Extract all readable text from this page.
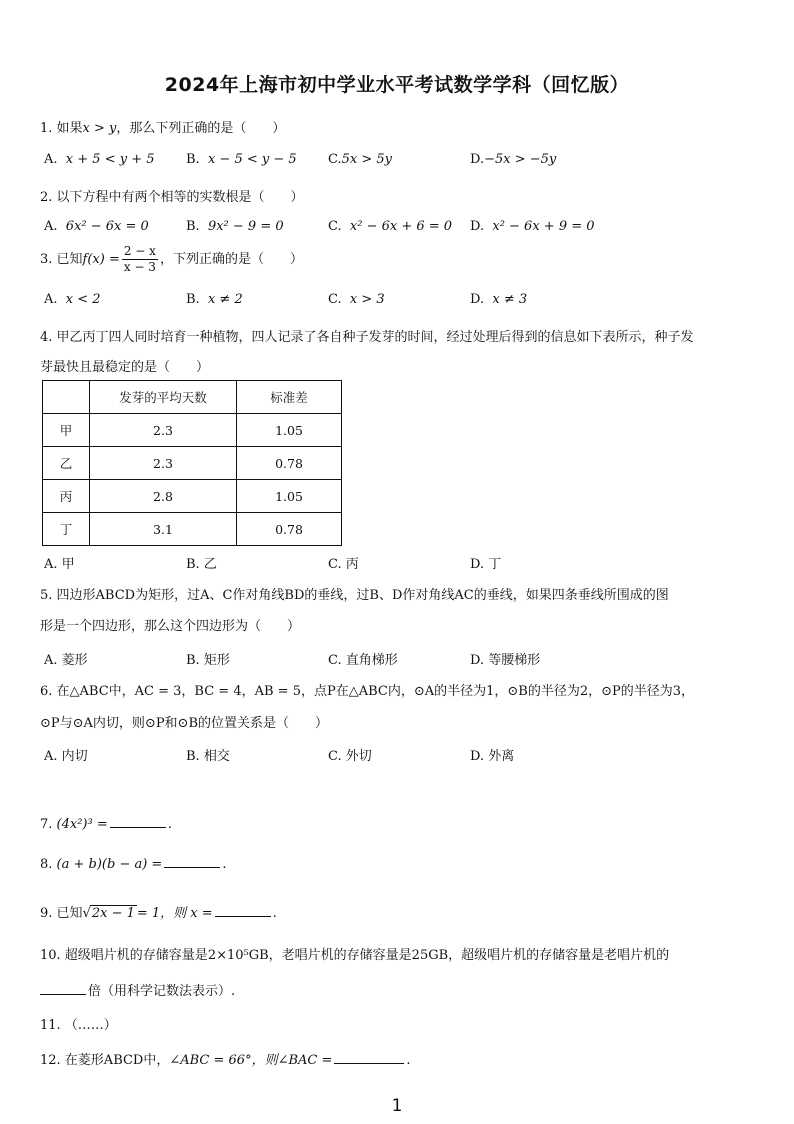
2024年上海市初中学业水平考试数学学科（回忆版）
1. 如果x > y，那么下列正确的是（　　）
A. x + 5 < y + 5 B. x − 5 < y − 5 C.5x > 5y	D.−5x > −5y
2. 以下方程中有两个相等的实数根是（　　）
A. 6x² − 6x = 0	B. 9x² − 9 = 0	C. x² − 6x + 6 = 0 D. x² − 6x + 9 = 0
3. 已知$f(x) = \frac{2 - x}{x - 3}$ ，下列正确的是（　　）
A. x < 2	B. x ≠ 2	C. x > 3	D. x ≠ 3
4. 甲乙丙丁四人同时培育一种植物，四人记录了各自种子发芽的时间，经过处理后得到的信息如下表所示，种子发
芽最快且最稳定的是（　　）
	发芽的平均天数	标准差
甲	2.3	1.05
乙	2.3	0.78
丙	2.8	1.05
丁	3.1	0.78
A. 甲	B. 乙	C. 丙	D. 丁
5. 四边形ABCD为矩形，过A、C作对角线BD的垂线，过B、D作对角线AC的垂线，如果四条垂线所围成的图
形是一个四边形，那么这个四边形为（　　）
A. 菱形	B. 矩形	C. 直角梯形	D. 等腰梯形
6. 在△ABC中，AC = 3，BC = 4，AB = 5，点P在△ABC内，⊙A的半径为1，⊙B的半径为2，⊙P的半径为3，
⊙P与⊙A内切，则⊙P和⊙B的位置关系是（　　）
A. 内切	B. 相交	C. 外切	D. 外离
7. (4x²)³ =	.
8. (a + b)(b − a) =	.
9. 已知√2x − 1 = 1，则 x =	.
10. 超级唱片机的存储容量是2×10⁵GB，老唱片机的存储容量是25GB，超级唱片机的存储容量是老唱片机的
倍（用科学记数法表示）.
11. （……）
12. 在菱形ABCD中，∠ABC = 66°，则∠BAC =	.
1
